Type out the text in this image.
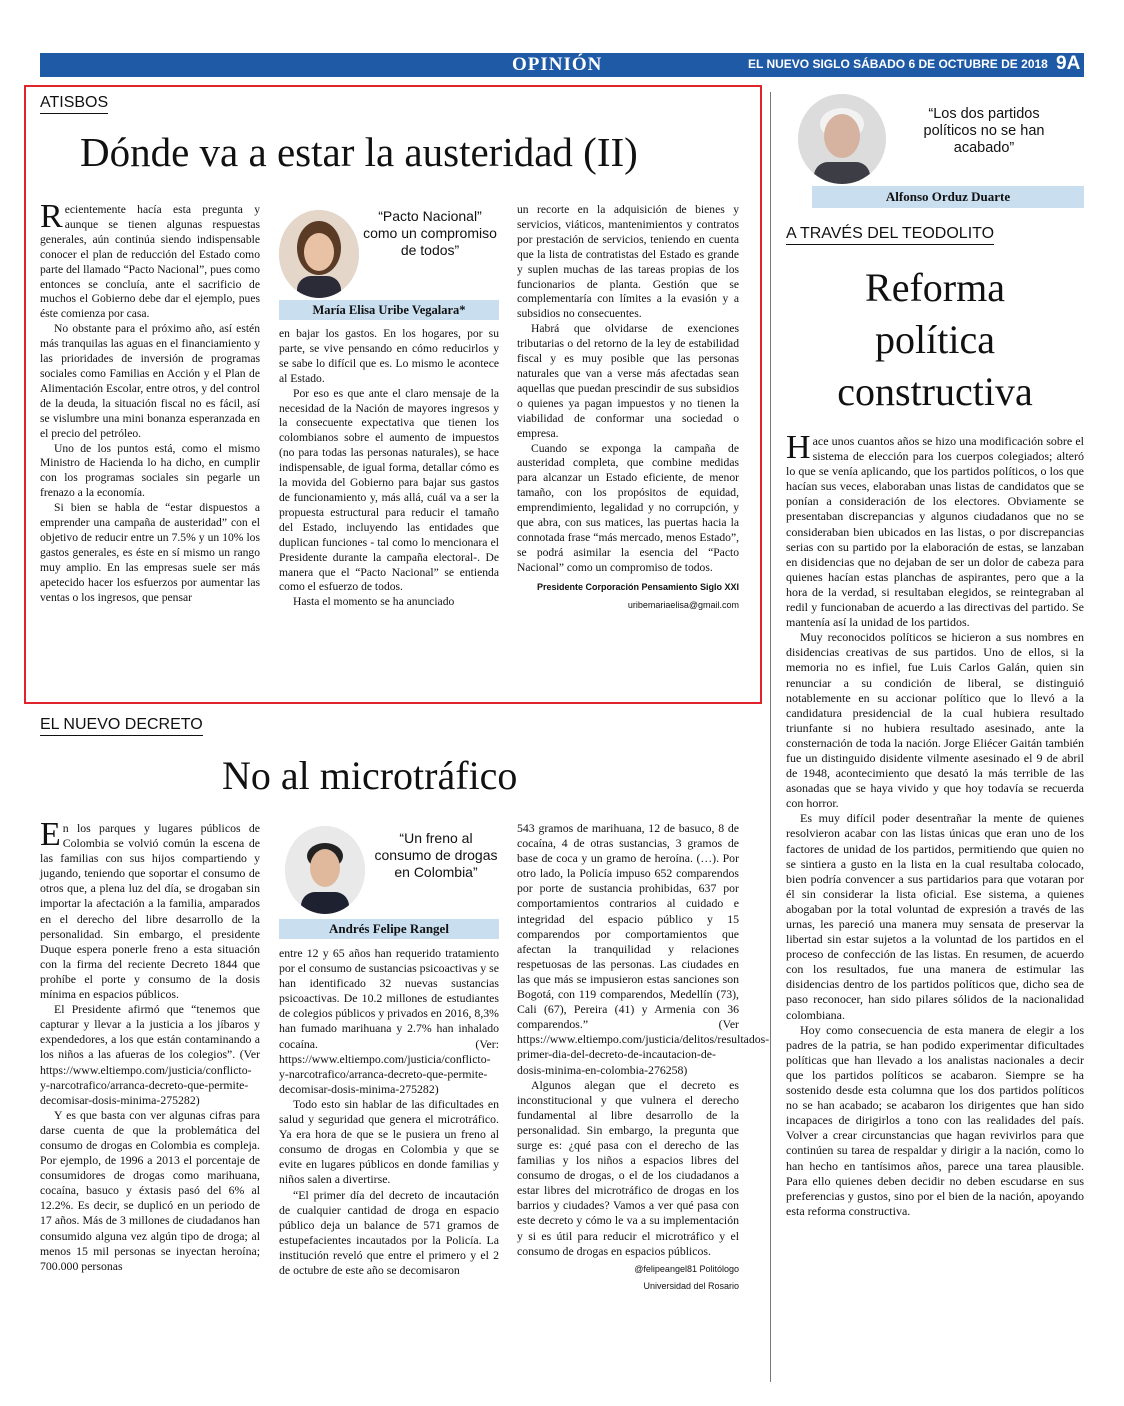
OPINIÓN	EL NUEVO SIGLO SÁBADO 6 DE OCTUBRE DE 2018 9A
ATISBOS
Dónde va a estar la austeridad (II)

Recientemente hacía esta pregunta y aunque se tienen algunas respuestas generales, aún continúa siendo indispensable conocer el plan de reducción del Estado como parte del llamado “Pacto Nacional”, pues como entonces se concluía, ante el sacrificio de muchos el Gobierno debe dar el ejemplo, pues éste comienza por casa.

No obstante para el próximo año, así estén más tranquilas las aguas en el financiamiento y las prioridades de inversión de programas sociales como Familias en Acción y el Plan de Alimentación Escolar, entre otros, y del control de la deuda, la situación fiscal no es fácil, así se vislumbre una mini bonanza esperanzada en el precio del petróleo.

Uno de los puntos está, como el mismo Ministro de Hacienda lo ha dicho, en cumplir con los programas sociales sin pegarle un frenazo a la economía.

Si bien se habla de “estar dispuestos a emprender una campaña de austeridad” con el objetivo de reducir entre un 7.5% y un 10% los gastos generales, es éste en sí mismo un rango muy amplio. En las empresas suele ser más apetecido hacer los esfuerzos por aumentar las ventas o los ingresos, que pensar

“Pacto Nacional” como un compromiso de todos”
María Elisa Uribe Vegalara*

en bajar los gastos. En los hogares, por su parte, se vive pensando en cómo reducirlos y se sabe lo difícil que es. Lo mismo le acontece al Estado.

Por eso es que ante el claro mensaje de la necesidad de la Nación de mayores ingresos y la consecuente expectativa que tienen los colombianos sobre el aumento de impuestos (no para todas las personas naturales), se hace indispensable, de igual forma, detallar cómo es la movida del Gobierno para bajar sus gastos de funcionamiento y, más allá, cuál va a ser la propuesta estructural para reducir el tamaño del Estado, incluyendo las entidades que duplican funciones - tal como lo mencionara el Presidente durante la campaña electoral-. De manera que el “Pacto Nacional” se entienda como el esfuerzo de todos.

Hasta el momento se ha anunciado

un recorte en la adquisición de bienes y servicios, viáticos, mantenimientos y contratos por prestación de servicios, teniendo en cuenta que la lista de contratistas del Estado es grande y suplen muchas de las tareas propias de los funcionarios de planta. Gestión que se complementaría con límites a la evasión y a subsidios no consecuentes.

Habrá que olvidarse de exenciones tributarias o del retorno de la ley de estabilidad fiscal y es muy posible que las personas naturales que van a verse más afectadas sean aquellas que puedan prescindir de sus subsidios o quienes ya pagan impuestos y no tienen la viabilidad de conformar una sociedad o empresa.

Cuando se exponga la campaña de austeridad completa, que combine medidas para alcanzar un Estado eficiente, de menor tamaño, con los propósitos de equidad, emprendimiento, legalidad y no corrupción, y que abra, con sus matices, las puertas hacia la connotada frase “más mercado, menos Estado”, se podrá asimilar la esencia del “Pacto Nacional” como un compromiso de todos.

Presidente Corporación Pensamiento Siglo XXI
uribemariaelisa@gmail.com
“Los dos partidos políticos no se han acabado”
Alfonso Orduz Duarte
A TRAVÉS DEL TEODOLITO
Reforma
política
constructiva

Hace unos cuantos años se hizo una modificación sobre el sistema de elección para los cuerpos colegiados; alteró lo que se venía aplicando, que los partidos políticos, o los que hacían sus veces, elaboraban unas listas de candidatos que se ponían a consideración de los electores. Obviamente se presentaban discrepancias y algunos ciudadanos que no se consideraban bien ubicados en las listas, o por discrepancias serias con su partido por la elaboración de estas, se lanzaban en disidencias que no dejaban de ser un dolor de cabeza para quienes hacían estas planchas de aspirantes, pero que a la hora de la verdad, si resultaban elegidos, se reintegraban al redil y funcionaban de acuerdo a las directivas del partido. Se mantenía así la unidad de los partidos.

Muy reconocidos políticos se hicieron a sus nombres en disidencias creativas de sus partidos. Uno de ellos, si la memoria no es infiel, fue Luis Carlos Galán, quien sin renunciar a su condición de liberal, se distinguió notablemente en su accionar político que lo llevó a la candidatura presidencial de la cual hubiera resultado triunfante si no hubiera resultado asesinado, ante la consternación de toda la nación. Jorge Eliécer Gaitán también fue un distinguido disidente vilmente asesinado el 9 de abril de 1948, acontecimiento que desató la más terrible de las asonadas que se haya vivido y que hoy todavía se recuerda con horror.

Es muy difícil poder desentrañar la mente de quienes resolvieron acabar con las listas únicas que eran uno de los factores de unidad de los partidos, permitiendo que quien no se sintiera a gusto en la lista en la cual resultaba colocado, bien podría convencer a sus partidarios para que votaran por él sin considerar la lista oficial. Ese sistema, a quienes abogaban por la total voluntad de expresión a través de las urnas, les pareció una manera muy sensata de preservar la libertad sin estar sujetos a la voluntad de los partidos en el proceso de confección de las listas. En resumen, de acuerdo con los resultados, fue una manera de estimular las disidencias dentro de los partidos políticos que, dicho sea de paso reconocer, han sido pilares sólidos de la nacionalidad colombiana.

Hoy como consecuencia de esta manera de elegir a los padres de la patria, se han podido experimentar dificultades políticas que han llevado a los analistas nacionales a decir que los partidos políticos se acabaron. Siempre se ha sostenido desde esta columna que los dos partidos políticos no se han acabado; se acabaron los dirigentes que han sido incapaces de dirigirlos a tono con las realidades del país. Volver a crear circunstancias que hagan revivirlos para que continúen su tarea de respaldar y dirigir a la nación, como lo han hecho en tantísimos años, parece una tarea plausible. Para ello quienes deben decidir no deben escudarse en sus preferencias y gustos, sino por el bien de la nación, apoyando esta reforma constructiva.

EL NUEVO DECRETO
No al microtráfico

En los parques y lugares públicos de Colombia se volvió común la escena de las familias con sus hijos compartiendo y jugando, teniendo que soportar el consumo de otros que, a plena luz del día, se drogaban sin importar la afectación a la familia, amparados en el derecho del libre desarrollo de la personalidad. Sin embargo, el presidente Duque espera ponerle freno a esta situación con la firma del reciente Decreto 1844 que prohíbe el porte y consumo de la dosis mínima en espacios públicos.

El Presidente afirmó que “tenemos que capturar y llevar a la justicia a los jíbaros y expendedores, a los que están contaminando a los niños a las afueras de los colegios”. (Ver https://www.eltiempo.com/justicia/conflicto-y-narcotrafico/arranca-decreto-que-permite-decomisar-dosis-minima-275282)

Y es que basta con ver algunas cifras para darse cuenta de que la problemática del consumo de drogas en Colombia es compleja. Por ejemplo, de 1996 a 2013 el porcentaje de consumidores de drogas como marihuana, cocaína, basuco y éxtasis pasó del 6% al 12.2%. Es decir, se duplicó en un periodo de 17 años. Más de 3 millones de ciudadanos han consumido alguna vez algún tipo de droga; al menos 15 mil personas se inyectan heroína; 700.000 personas

“Un freno al consumo de drogas en Colombia”
Andrés Felipe Rangel

entre 12 y 65 años han requerido tratamiento por el consumo de sustancias psicoactivas y se han identificado 32 nuevas sustancias psicoactivas. De 10.2 millones de estudiantes de colegios públicos y privados en 2016, 8,3% han fumado marihuana y 2.7% han inhalado cocaína. (Ver: https://www.eltiempo.com/justicia/conflicto-y-narcotrafico/arranca-decreto-que-permite-decomisar-dosis-minima-275282)

Todo esto sin hablar de las dificultades en salud y seguridad que genera el microtráfico. Ya era hora de que se le pusiera un freno al consumo de drogas en Colombia y que se evite en lugares públicos en donde familias y niños salen a divertirse.

“El primer día del decreto de incautación de cualquier cantidad de droga en espacio público deja un balance de 571 gramos de estupefacientes incautados por la Policía. La institución reveló que entre el primero y el 2 de octubre de este año se decomisaron

543 gramos de marihuana, 12 de basuco, 8 de cocaína, 4 de otras sustancias, 3 gramos de base de coca y un gramo de heroína. (…). Por otro lado, la Policía impuso 652 comparendos por porte de sustancia prohibidas, 637 por comportamientos contrarios al cuidado e integridad del espacio público y 15 comparendos por comportamientos que afectan la tranquilidad y relaciones respetuosas de las personas. Las ciudades en las que más se impusieron estas sanciones son Bogotá, con 119 comparendos, Medellín (73), Cali (67), Pereira (41) y Armenia con 36 comparendos.” (Ver https://www.eltiempo.com/justicia/delitos/resultados-primer-dia-del-decreto-de-incautacion-de-dosis-minima-en-colombia-276258)

Algunos alegan que el decreto es inconstitucional y que vulnera el derecho fundamental al libre desarrollo de la personalidad. Sin embargo, la pregunta que surge es: ¿qué pasa con el derecho de las familias y los niños a espacios libres del consumo de drogas, o el de los ciudadanos a estar libres del microtráfico de drogas en los barrios y ciudades? Vamos a ver qué pasa con este decreto y cómo le va a su implementación y si es útil para reducir el microtráfico y el consumo de drogas en espacios públicos.

@felipeangel81 Politólogo
Universidad del Rosario
